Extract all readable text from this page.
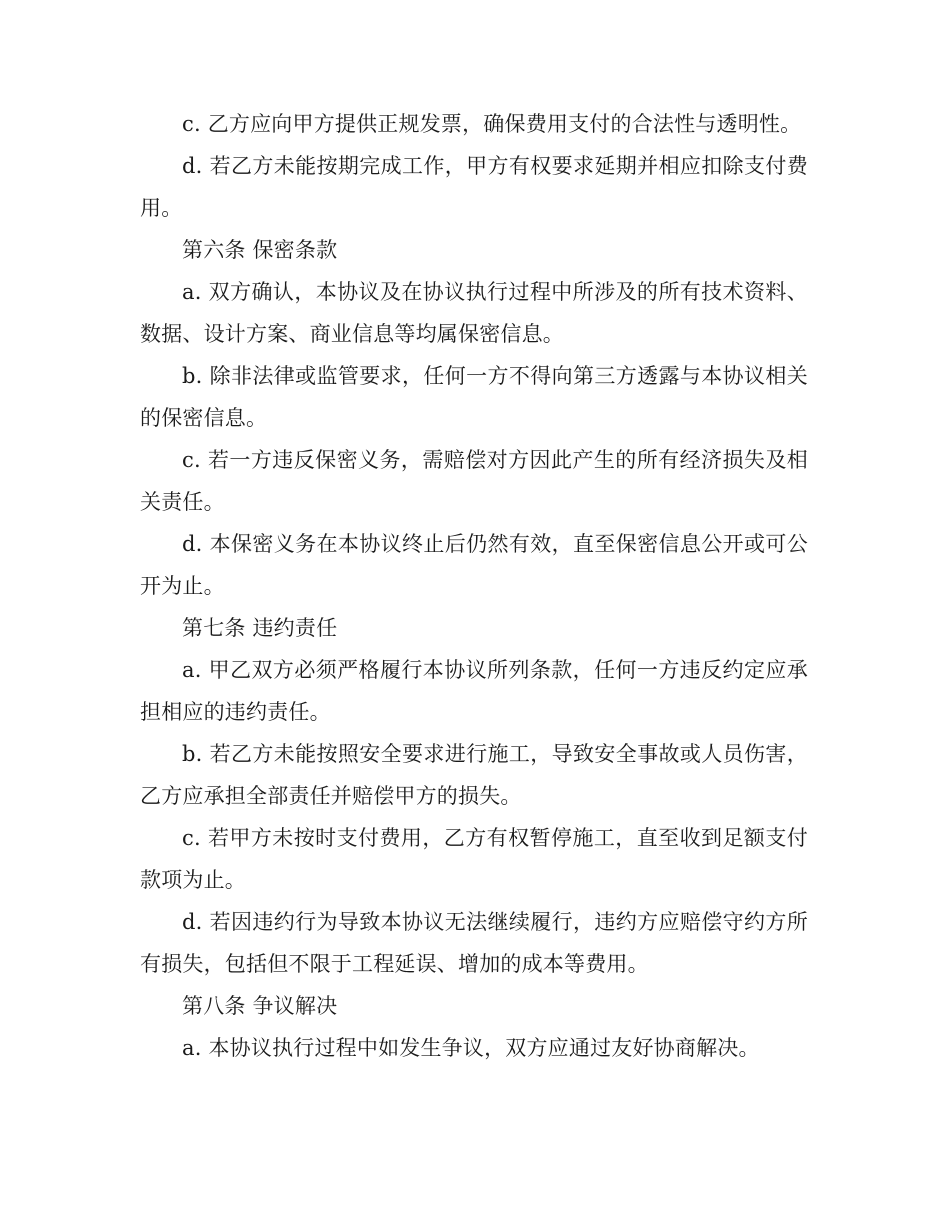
c. 乙方应向甲方提供正规发票，确保费用支付的合法性与透明性。

d. 若乙方未能按期完成工作，甲方有权要求延期并相应扣除支付费用。

第六条 保密条款

a. 双方确认，本协议及在协议执行过程中所涉及的所有技术资料、数据、设计方案、商业信息等均属保密信息。

b. 除非法律或监管要求，任何一方不得向第三方透露与本协议相关的保密信息。

c. 若一方违反保密义务，需赔偿对方因此产生的所有经济损失及相关责任。

d. 本保密义务在本协议终止后仍然有效，直至保密信息公开或可公开为止。

第七条 违约责任

a. 甲乙双方必须严格履行本协议所列条款，任何一方违反约定应承担相应的违约责任。

b. 若乙方未能按照安全要求进行施工，导致安全事故或人员伤害，乙方应承担全部责任并赔偿甲方的损失。

c. 若甲方未按时支付费用，乙方有权暂停施工，直至收到足额支付款项为止。

d. 若因违约行为导致本协议无法继续履行，违约方应赔偿守约方所有损失，包括但不限于工程延误、增加的成本等费用。

第八条 争议解决

a. 本协议执行过程中如发生争议，双方应通过友好协商解决。
